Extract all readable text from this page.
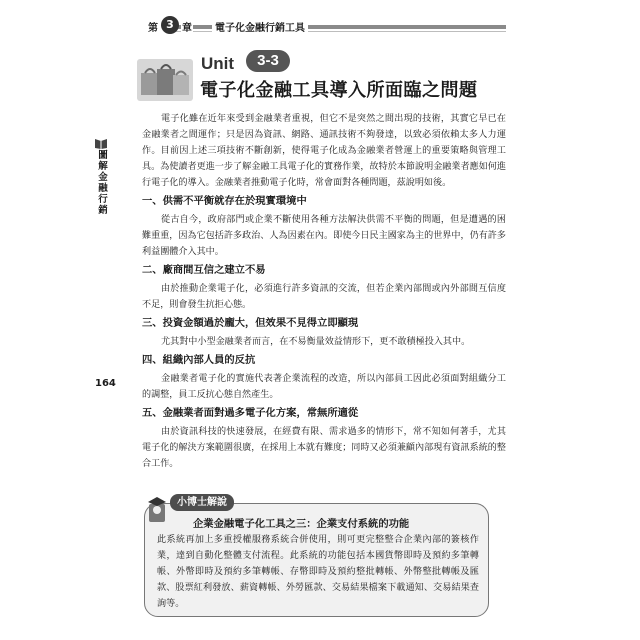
第 3 章	電子化金融行銷工具
Unit	3-3
電子化金融工具導入所面臨之問題
圖解金融行銷
164

電子化雖在近年來受到金融業者重視，但它不是突然之間出現的技術，其實它早已在金融業者之間運作；只是因為資訊、網路、通訊技術不夠發達，以致必須依賴太多人力運作。目前因上述三項技術不斷創新，使得電子化成為金融業者營運上的重要策略與管理工具。為使讀者更進一步了解金融工具電子化的實務作業，故特於本節說明金融業者應如何進行電子化的導入。金融業者推動電子化時，常會面對各種問題，茲說明如後。

一、供需不平衡就存在於現實環境中

從古自今，政府部門或企業不斷使用各種方法解決供需不平衡的問題，但是遭遇的困難重重，因為它包括許多政治、人為因素在內。即使今日民主國家為主的世界中，仍有許多利益團體介入其中。

二、廠商間互信之建立不易

由於推動企業電子化，必須進行許多資訊的交流，但若企業內部間或內外部間互信度不足，則會發生抗拒心態。

三、投資金額過於龐大，但效果不見得立即顯現

尤其對中小型金融業者而言，在不易衡量效益情形下，更不敢積極投入其中。

四、組織內部人員的反抗

金融業者電子化的實施代表著企業流程的改造，所以內部員工因此必須面對組織分工的調整，員工反抗心態自然產生。

五、金融業者面對過多電子化方案，常無所適從

由於資訊科技的快速發展，在經費有限、需求過多的情形下，常不知如何著手，尤其電子化的解決方案範圍很廣，在採用上本就有難度；同時又必須兼顧內部現有資訊系統的整合工作。

小博士解說
企業金融電子化工具之三：企業支付系統的功能

此系統再加上多重授權服務系統合併使用，則可更完整整合企業內部的簽核作業，達到自動化整體支付流程。此系統的功能包括本國貨幣即時及預約多筆轉帳、外幣即時及預約多筆轉帳、存幣即時及預約整批轉帳、外幣整批轉帳及匯款、股票紅利發放、薪資轉帳、外勞匯款、交易結果檔案下載通知、交易結果查詢等。
